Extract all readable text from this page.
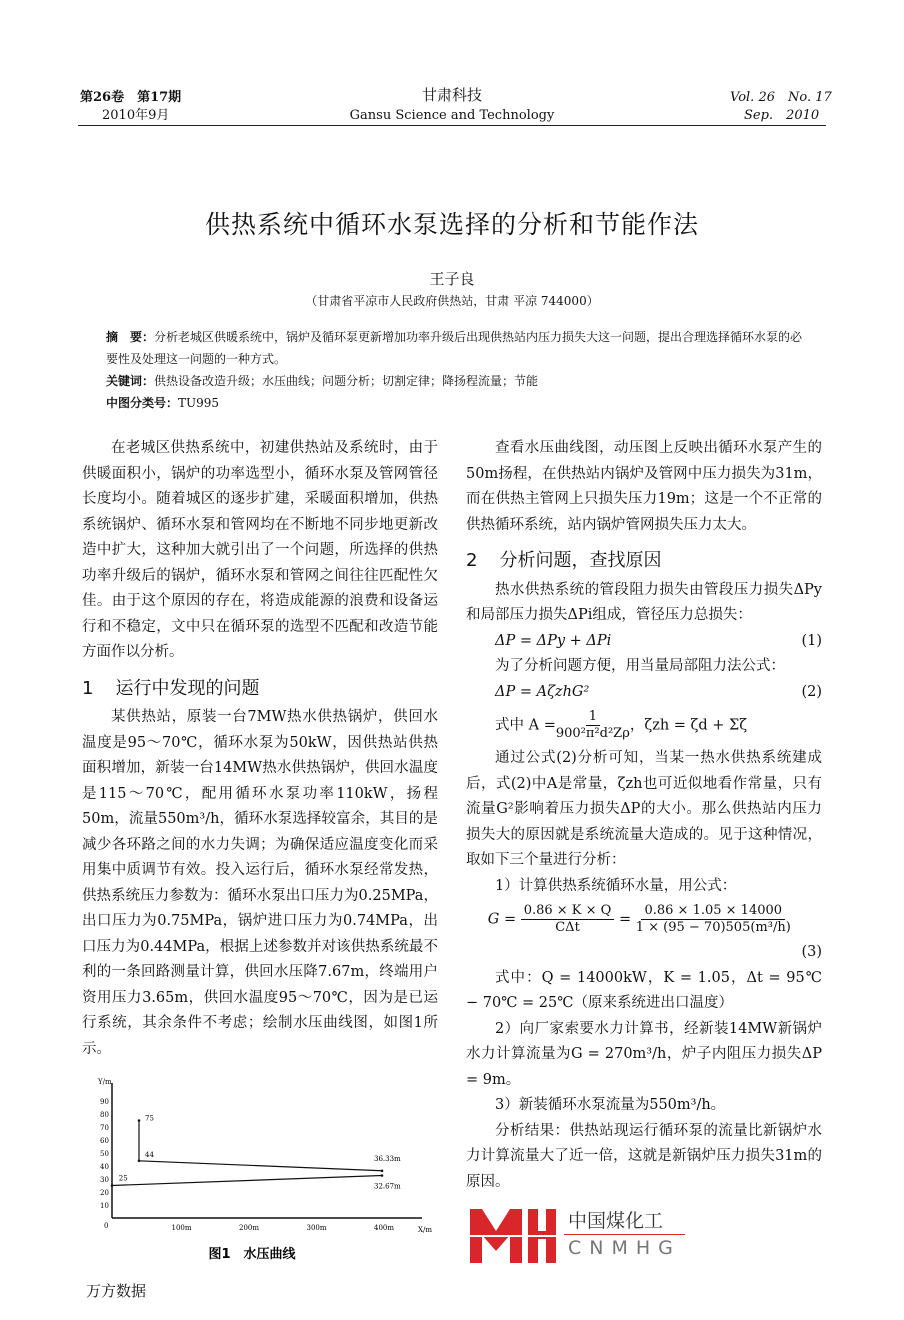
第26卷　第17期
2010年9月
甘肃科技
Gansu Science and Technology
Vol. 26　No. 17
Sep.　2010
供热系统中循环水泵选择的分析和节能作法
王子良
（甘肃省平凉市人民政府供热站，甘肃 平凉 744000）
摘　要：分析老城区供暖系统中，锅炉及循环泵更新增加功率升级后出现供热站内压力损失大这一问题，提出合理选择循环水泵的必要性及处理这一问题的一种方式。
关键词：供热设备改造升级；水压曲线；问题分析；切割定律；降扬程流量；节能
中图分类号：TU995

在老城区供热系统中，初建供热站及系统时，由于供暖面积小，锅炉的功率选型小，循环水泵及管网管径长度均小。随着城区的逐步扩建，采暖面积增加，供热系统锅炉、循环水泵和管网均在不断地不同步地更新改造中扩大，这种加大就引出了一个问题，所选择的供热功率升级后的锅炉，循环水泵和管网之间往往匹配性欠佳。由于这个原因的存在，将造成能源的浪费和设备运行和不稳定，文中只在循环泵的选型不匹配和改造节能方面作以分析。

1 运行中发现的问题

某供热站，原装一台7MW热水供热锅炉，供回水温度是95～70℃，循环水泵为50kW，因供热站供热面积增加，新装一台14MW热水供热锅炉，供回水温度是115～70℃，配用循环水泵功率110kW，扬程50m，流量550m³/h，循环水泵选择较富余，其目的是减少各环路之间的水力失调；为确保适应温度变化而采用集中质调节有效。投入运行后，循环水泵经常发热，供热系统压力参数为：循环水泵出口压力为0.25MPa，出口压力为0.75MPa，锅炉进口压力为0.74MPa，出口压力为0.44MPa，根据上述参数并对该供热系统最不利的一条回路测量计算，供回水压降7.67m，终端用户资用压力3.65m，供回水温度95～70℃，因为是已运行系统，其余条件不考虑；绘制水压曲线图，如图1所示。

Y/m
X/m
0
10
20
30
40
50
60
70
80
90
100m	200m	300m	400m
75
44
25
36.33m
32.67m
图1　水压曲线

查看水压曲线图，动压图上反映出循环水泵产生的50m扬程，在供热站内锅炉及管网中压力损失为31m，而在供热主管网上只损失压力19m；这是一个不正常的供热循环系统，站内锅炉管网损失压力太大。

2 分析问题，查找原因

热水供热系统的管段阻力损失由管段压力损失ΔPy和局部压力损失ΔPi组成，管径压力总损失：

ΔP = ΔPy + ΔPi	(1)

为了分析问题方便，用当量局部阻力法公式：

ΔP = AζzhG²	(2)
式中 $A = \frac{1}{\text{900²π²d²Zρ}}$ ，ζzh = ζd + Σζ

通过公式(2)分析可知，当某一热水供热系统建成后，式(2)中A是常量，ζzh也可近似地看作常量，只有流量G²影响着压力损失ΔP的大小。那么供热站内压力损失大的原因就是系统流量大造成的。见于这种情况，取如下三个量进行分析：

1）计算供热系统循环水量，用公式：

$G = \frac{0.86 \times K \times Q}{\text{CΔt}} = \frac{0.86 \times 1.05 \times 14000}{\text{1 × (95 − 70)505(m³/h)}}$
(3)

式中：Q = 14000kW，K = 1.05，Δt = 95℃ − 70℃ = 25℃（原来系统进出口温度）

2）向厂家索要水力计算书，经新装14MW新锅炉水力计算流量为G = 270m³/h，炉子内阻压力损失ΔP = 9m。

3）新装循环水泵流量为550m³/h。

分析结果：供热站现运行循环泵的流量比新锅炉水力计算流量大了近一倍，这就是新锅炉压力损失31m的原因。

中国煤化工
CNMHG
万方数据
